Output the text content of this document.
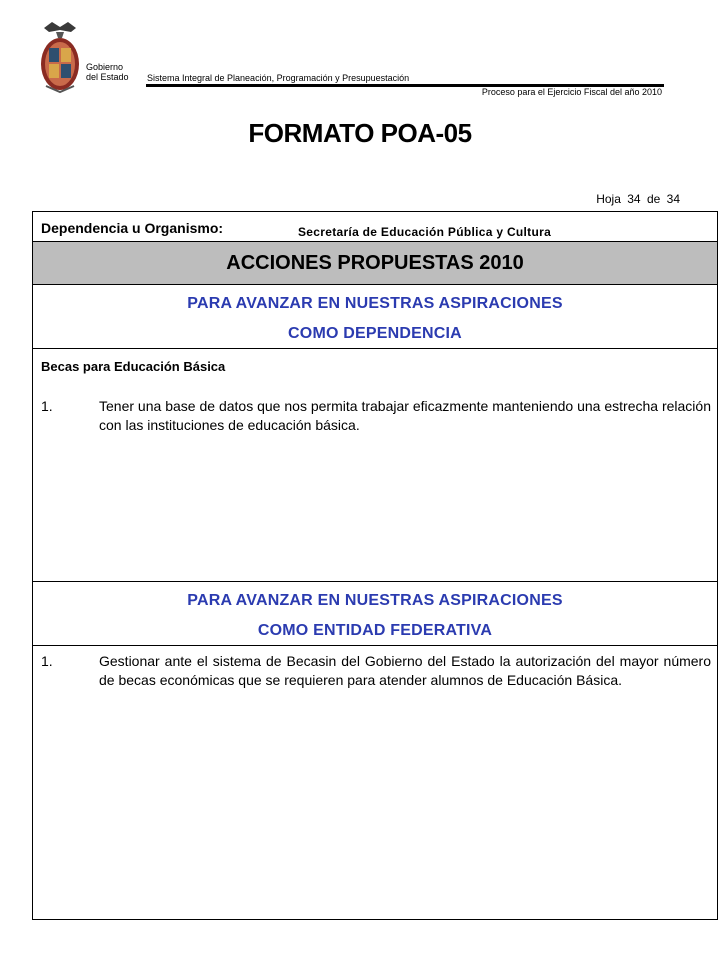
Gobierno
del Estado Sistema Integral de Planeación, Programación y Presupuestación
Proceso para el Ejercicio Fiscal del año 2010
FORMATO POA-05
Hoja 34 de 34
Dependencia u Organismo:	Secretaría de Educación Pública y Cultura
ACCIONES PROPUESTAS 2010
PARA AVANZAR EN NUESTRAS ASPIRACIONES
COMO DEPENDENCIA
Becas para Educación Básica
1.	Tener una base de datos que nos permita trabajar eficazmente manteniendo una estrecha relación con las instituciones de educación básica.
PARA AVANZAR EN NUESTRAS ASPIRACIONES
COMO ENTIDAD FEDERATIVA
1.	Gestionar ante el sistema de Becasin del Gobierno del Estado la autorización del mayor número de becas económicas que se requieren para atender alumnos de Educación Básica.
